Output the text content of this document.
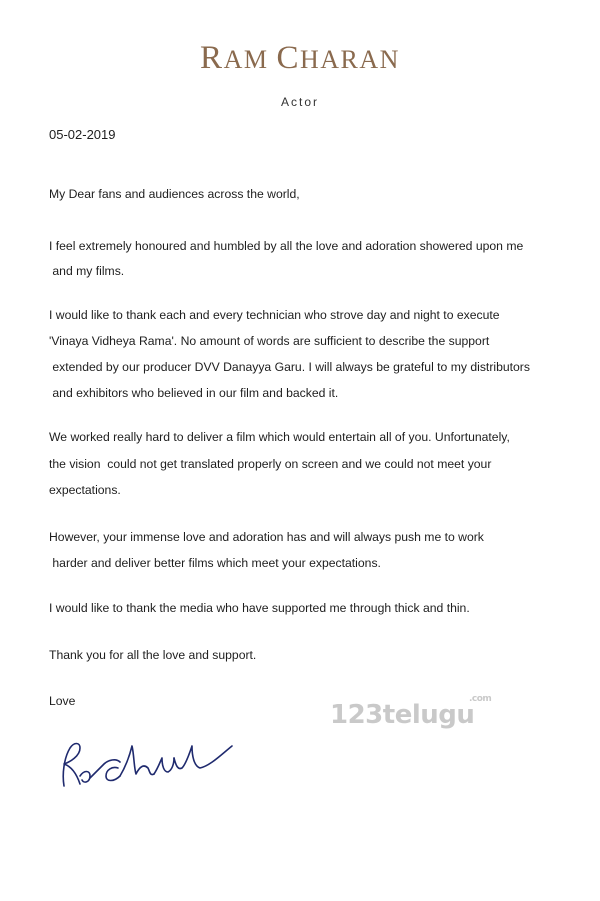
RAM CHARAN
Actor
05-02-2019

My Dear fans and audiences across the world,

I feel extremely honoured and humbled by all the love and adoration showered upon me

and my films.

I would like to thank each and every technician who strove day and night to execute

'Vinaya Vidheya Rama'. No amount of words are sufficient to describe the support

extended by our producer DVV Danayya Garu. I will always be grateful to my distributors

and exhibitors who believed in our film and backed it.

We worked really hard to deliver a film which would entertain all of you. Unfortunately,

the vision  could not get translated properly on screen and we could not meet your

expectations.

However, your immense love and adoration has and will always push me to work

harder and deliver better films which meet your expectations.

I would like to thank the media who have supported me through thick and thin.

Thank you for all the love and support.

Love	123telugu
.com
